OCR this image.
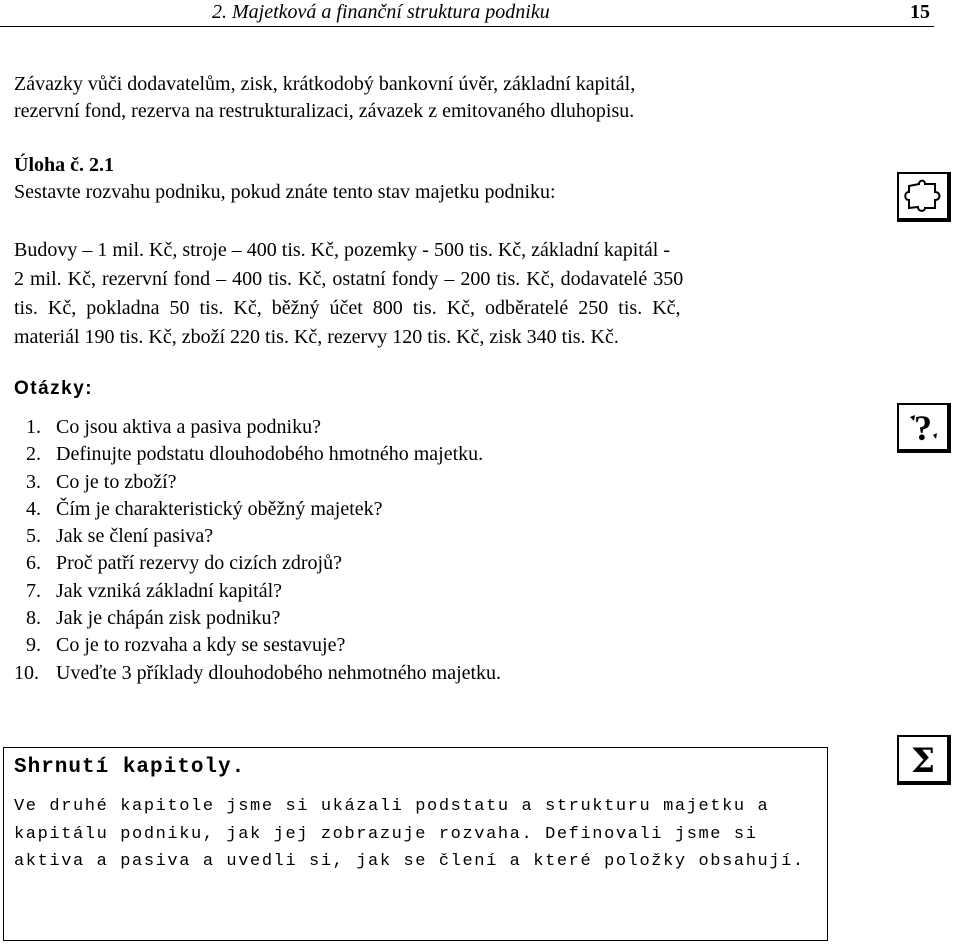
2. Majetková a finanční struktura podniku	15
Závazky vůči dodavatelům, zisk, krátkodobý bankovní úvěr, základní kapitál,
rezervní fond, rezerva na restrukturalizaci, závazek z emitovaného dluhopisu.
Úloha č. 2.1
Sestavte rozvahu podniku, pokud znáte tento stav majetku podniku:
Budovy – 1 mil. Kč, stroje – 400 tis. Kč, pozemky - 500 tis. Kč, základní kapitál -
2 mil. Kč, rezervní fond – 400 tis. Kč, ostatní fondy – 200 tis. Kč, dodavatelé 350
tis.  Kč,  pokladna  50  tis.  Kč,  běžný  účet  800  tis.  Kč,  odběratelé  250  tis.  Kč,
materiál 190 tis. Kč, zboží 220 tis. Kč, rezervy 120 tis. Kč, zisk 340 tis. Kč.
Otázky:
1. Co jsou aktiva a pasiva podniku?
2. Definujte podstatu dlouhodobého hmotného majetku.
3. Co je to zboží?
4. Čím je charakteristický oběžný majetek?
5. Jak se člení pasiva?
6. Proč patří rezervy do cizích zdrojů?
7. Jak vzniká základní kapitál?
8. Jak je chápán zisk podniku?
9. Co je to rozvaha a kdy se sestavuje?
10. Uveďte 3 příklady dlouhodobého nehmotného majetku.
?
Shrnutí kapitoly.
Ve druhé kapitole jsme si ukázali podstatu a strukturu majetku a
kapitálu podniku, jak jej zobrazuje rozvaha. Definovali jsme si
aktiva a pasiva a uvedli si, jak se člení a které položky obsahují.
Σ
